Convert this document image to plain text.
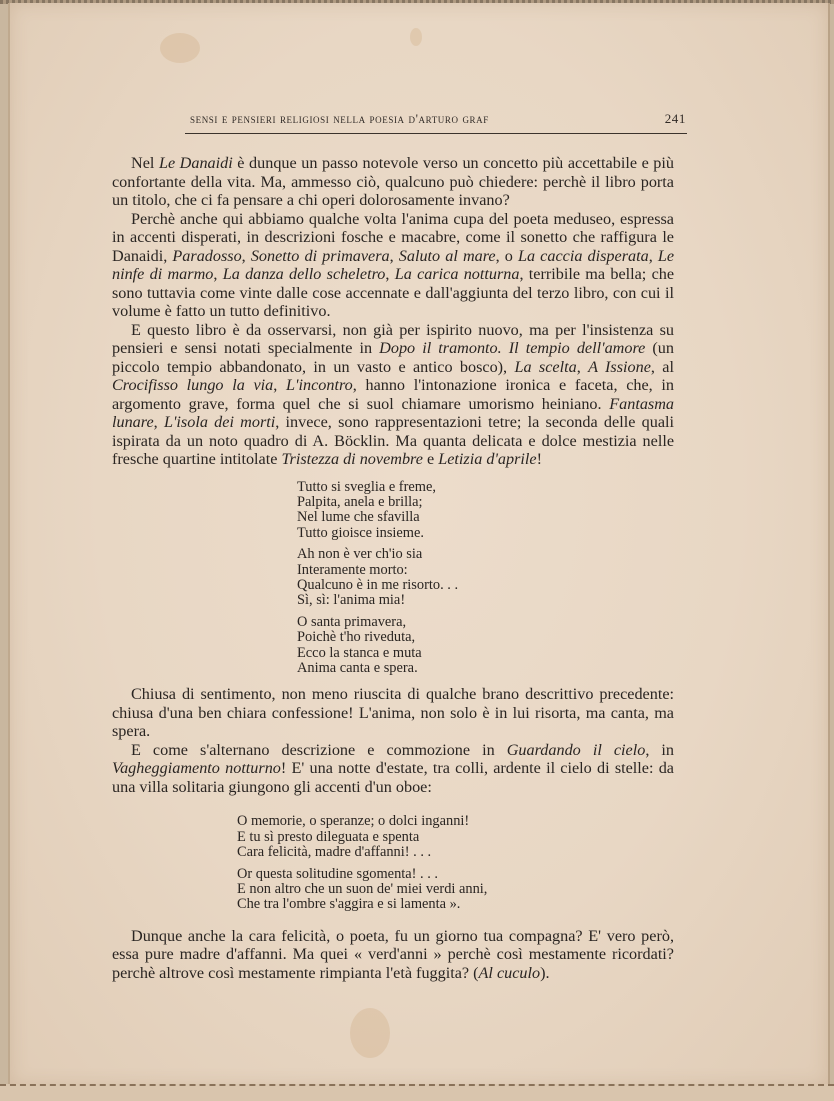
sensi e pensieri religiosi nella poesia d'arturo graf	241

Nel Le Danaidi è dunque un passo notevole verso un concetto più accettabile e più confortante della vita. Ma, ammesso ciò, qualcuno può chiedere: perchè il libro porta un titolo, che ci fa pensare a chi operi dolorosamente invano?

Perchè anche qui abbiamo qualche volta l'anima cupa del poeta meduseo, espressa in accenti disperati, in descrizioni fosche e macabre, come il sonetto che raffigura le Danaidi, Paradosso, Sonetto di primavera, Saluto al mare, o La caccia disperata, Le ninfe di marmo, La danza dello scheletro, La carica notturna, terribile ma bella; che sono tuttavia come vinte dalle cose accennate e dall'aggiunta del terzo libro, con cui il volume è fatto un tutto definitivo.

E questo libro è da osservarsi, non già per ispirito nuovo, ma per l'insistenza su pensieri e sensi notati specialmente in Dopo il tramonto. Il tempio dell'amore (un piccolo tempio abbandonato, in un vasto e antico bosco), La scelta, A Issione, al Crocifisso lungo la via, L'incontro, hanno l'intonazione ironica e faceta, che, in argomento grave, forma quel che si suol chiamare umorismo heiniano. Fantasma lunare, L'isola dei morti, invece, sono rappresentazioni tetre; la seconda delle quali ispirata da un noto quadro di A. Böcklin. Ma quanta delicata e dolce mestizia nelle fresche quartine intitolate Tristezza di novembre e Letizia d'aprile!

Tutto si sveglia e freme,
Palpita, anela e brilla;
Nel lume che sfavilla
Tutto gioisce insieme.
Ah non è ver ch'io sia
Interamente morto:
Qualcuno è in me risorto. . .
Sì, sì: l'anima mia!
O santa primavera,
Poichè t'ho riveduta,
Ecco la stanca e muta
Anima canta e spera.

Chiusa di sentimento, non meno riuscita di qualche brano descrittivo precedente: chiusa d'una ben chiara confessione! L'anima, non solo è in lui risorta, ma canta, ma spera.

E come s'alternano descrizione e commozione in Guardando il cielo, in Vagheggiamento notturno! E' una notte d'estate, tra colli, ardente il cielo di stelle: da una villa solitaria giungono gli accenti d'un oboe:

O memorie, o speranze; o dolci inganni!
E tu sì presto dileguata e spenta
Cara felicità, madre d'affanni! . . .
Or questa solitudine sgomenta! . . .
E non altro che un suon de' miei verdi anni,
Che tra l'ombre s'aggira e si lamenta ».

Dunque anche la cara felicità, o poeta, fu un giorno tua compagna? E' vero però, essa pure madre d'affanni. Ma quei « verd'anni » perchè così mestamente ricordati? perchè altrove così mestamente rimpianta l'età fuggita? (Al cuculo).
